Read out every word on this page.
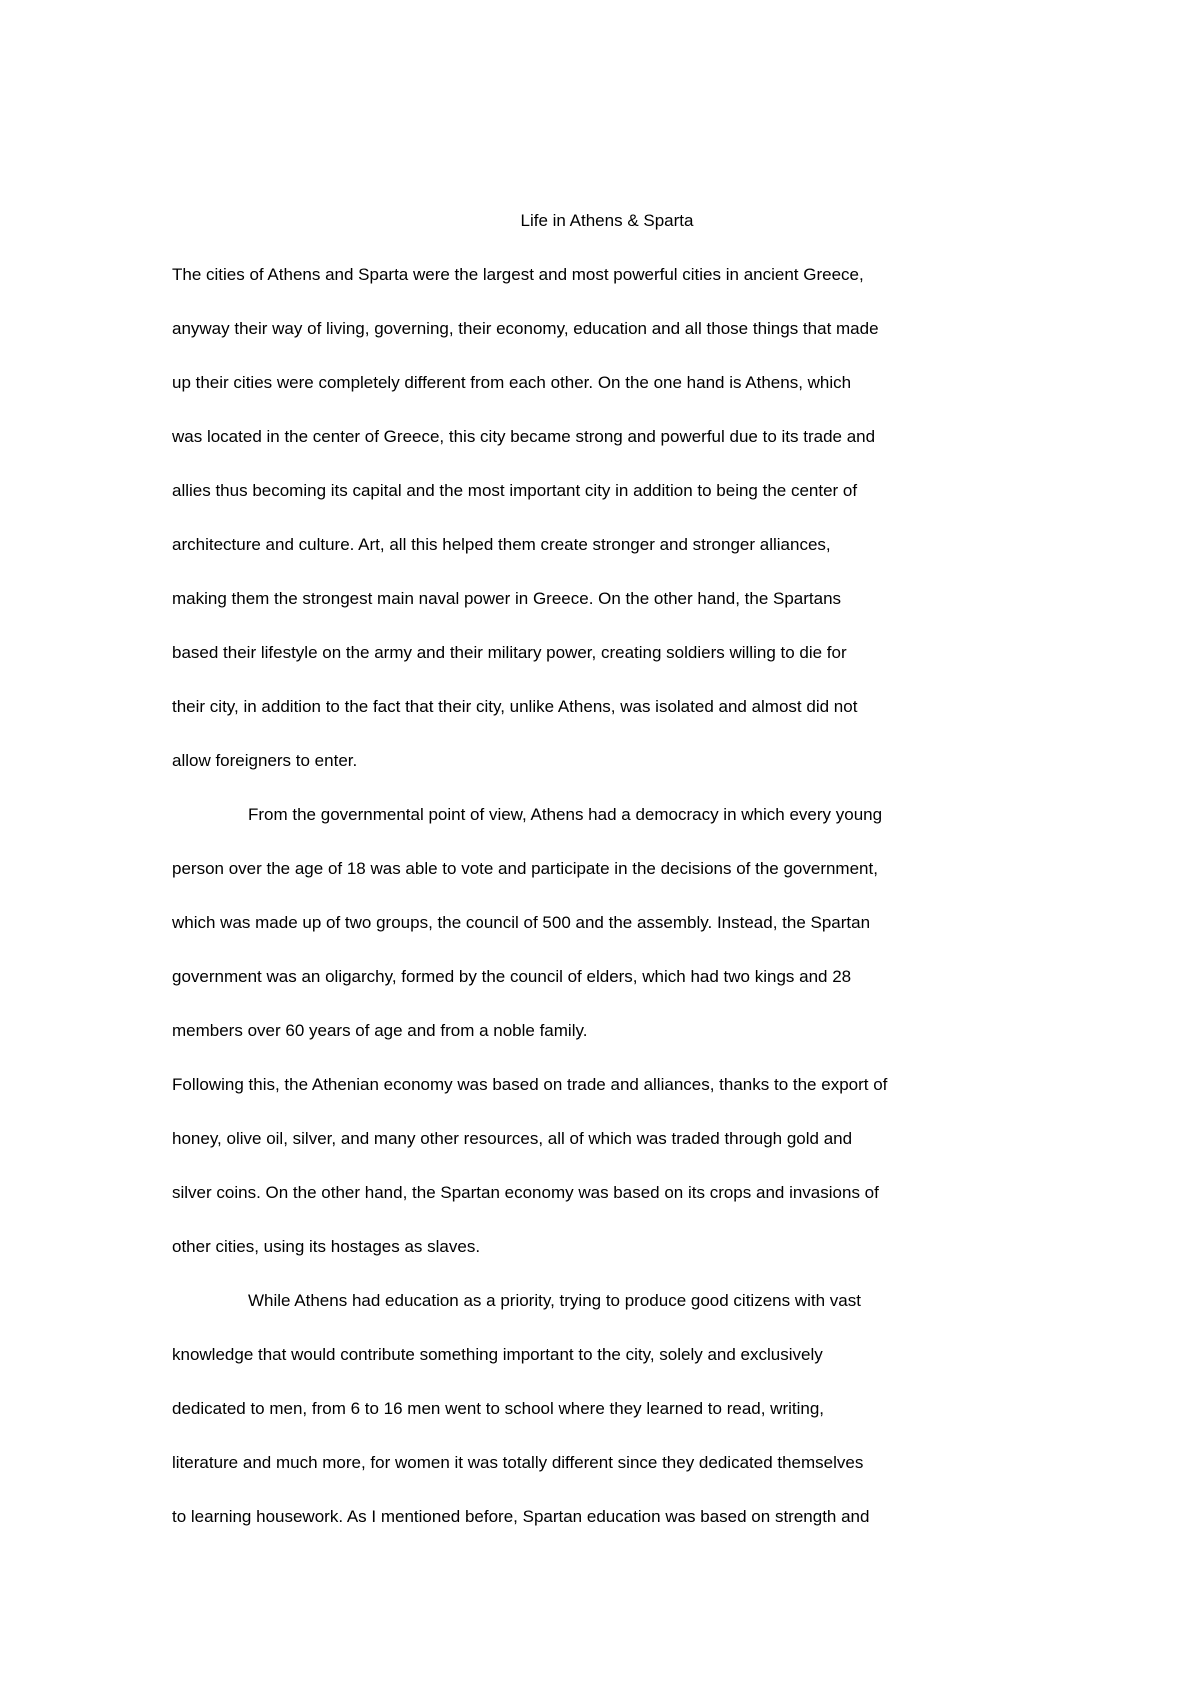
Life in Athens & Sparta
The cities of Athens and Sparta were the largest and most powerful cities in ancient Greece,
anyway their way of living, governing, their economy, education and all those things that made
up their cities were completely different from each other. On the one hand is Athens, which
was located in the center of Greece, this city became strong and powerful due to its trade and
allies thus becoming its capital and the most important city in addition to being the center of
architecture and culture. Art, all this helped them create stronger and stronger alliances,
making them the strongest main naval power in Greece. On the other hand, the Spartans
based their lifestyle on the army and their military power, creating soldiers willing to die for
their city, in addition to the fact that their city, unlike Athens, was isolated and almost did not
allow foreigners to enter.
From the governmental point of view, Athens had a democracy in which every young
person over the age of 18 was able to vote and participate in the decisions of the government,
which was made up of two groups, the council of 500 and the assembly. Instead, the Spartan
government was an oligarchy, formed by the council of elders, which had two kings and 28
members over 60 years of age and from a noble family.
Following this, the Athenian economy was based on trade and alliances, thanks to the export of
honey, olive oil, silver, and many other resources, all of which was traded through gold and
silver coins. On the other hand, the Spartan economy was based on its crops and invasions of
other cities, using its hostages as slaves.
While Athens had education as a priority, trying to produce good citizens with vast
knowledge that would contribute something important to the city, solely and exclusively
dedicated to men, from 6 to 16 men went to school where they learned to read, writing,
literature and much more, for women it was totally different since they dedicated themselves
to learning housework. As I mentioned before, Spartan education was based on strength and
